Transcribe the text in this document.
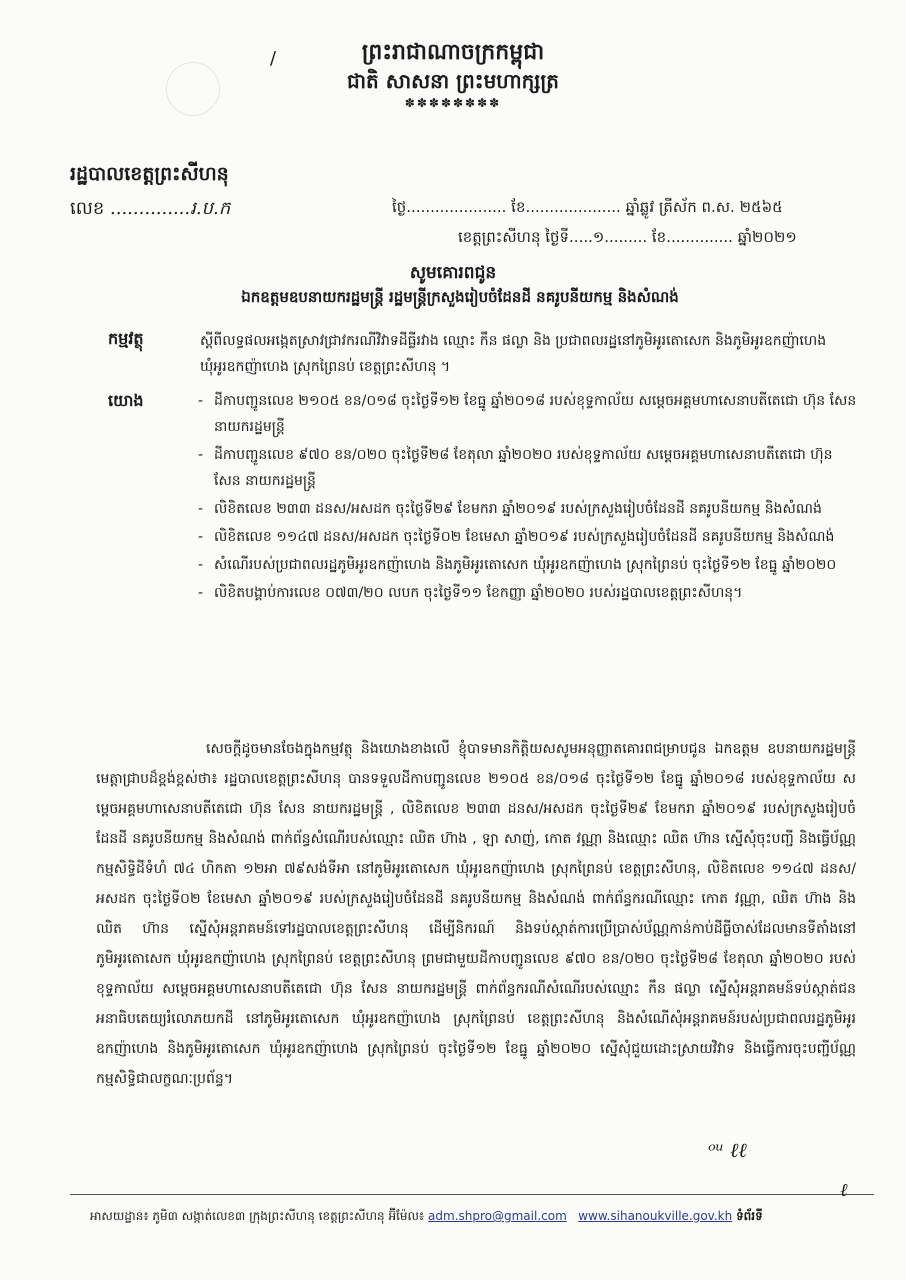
ព្រះរាជាណាចក្រកម្ពុជា
ជាតិ សាសនា ព្រះមហាក្សត្រ
✽✽✽✽✽✽✽✽
/
រដ្ឋបាលខេត្តព្រះសីហនុ
លេខ ..............រ.ប.ក	ថ្ងៃ..................... ខែ.................... ឆ្នាំឆ្លូវ ត្រីស័ក ព.ស. ២៥៦៥
ខេត្តព្រះសីហនុ ថ្ងៃទី.....១......... ខែ.............. ឆ្នាំ២០២១
សូមគោរពជូន
ឯកឧត្តមឧបនាយករដ្ឋមន្ត្រី រដ្ឋមន្ត្រីក្រសួងរៀបចំដែនដី នគរូបនីយកម្ម និងសំណង់
កម្មវត្ថុ	ស្តីពីលទ្ធផលអង្កេតស្រាវជ្រាវករណីវិវាទដីធ្លីរវាង ឈ្មោះ កឹន ផល្លា និង ប្រជាពលរដ្ឋនៅភូមិអូរតោសេក និងភូមិអូរឧកញ៉ាហេង ឃុំអូរឧកញ៉ាហេង ស្រុកព្រៃនប់ ខេត្តព្រះសីហនុ ។
យោង
-	ដីកាបញ្ជូនលេខ ២១០៥ ខន/០១៨ ចុះថ្ងៃទី១២ ខែធ្នូ ឆ្នាំ២០១៨ របស់ខុទ្ទកាល័យ សម្តេចអគ្គមហាសេនាបតីតេជោ ហ៊ុន សែន នាយករដ្ឋមន្ត្រី
- ដីកាបញ្ជូនលេខ ៩៧០ ខន/០២០ ចុះថ្ងៃទី២៨ ខែតុលា ឆ្នាំ២០២០ របស់ខុទ្ទកាល័យ សម្តេចអគ្គមហាសេនាបតីតេជោ ហ៊ុន សែន នាយករដ្ឋមន្ត្រី
- លិខិតលេខ ២៣៣ ដនស/អសដក ចុះថ្ងៃទី២៩ ខែមករា ឆ្នាំ២០១៩ របស់ក្រសួងរៀបចំដែនដី នគរូបនីយកម្ម និងសំណង់
- លិខិតលេខ ១១៤៧ ដនស/អសដក ចុះថ្ងៃទី០២ ខែមេសា ឆ្នាំ២០១៩ របស់ក្រសួងរៀបចំដែនដី នគរូបនីយកម្ម និងសំណង់
- សំណើរបស់ប្រជាពលរដ្ឋភូមិអូរឧកញ៉ាហេង និងភូមិអូរតោសេក ឃុំអូរឧកញ៉ាហេង ស្រុកព្រៃនប់ ចុះថ្ងៃទី១២ ខែធ្នូ ឆ្នាំ២០២០
- លិខិតបង្គាប់ការលេខ ០៧៣/២០ លបក ចុះថ្ងៃទី១១ ខែកញ្ញា ឆ្នាំ២០២០ របស់រដ្ឋបាលខេត្តព្រះសីហនុ។
សេចក្តីដូចមានចែងក្នុងកម្មវត្ថុ និងយោងខាងលើ ខ្ញុំបាទមានកិត្តិយសសូមអនុញ្ញាតគោរពជម្រាបជូន ឯកឧត្តម ឧបនាយករដ្ឋមន្ត្រី មេត្តាជ្រាបដ៏ខ្ពង់ខ្ពស់ថា៖ រដ្ឋបាលខេត្តព្រះសីហនុ បានទទួលដីកាបញ្ជូនលេខ ២១០៥ ខន/០១៨ ចុះថ្ងៃទី១២ ខែធ្នូ ឆ្នាំ២០១៨ របស់ខុទ្ទកាល័យ សម្តេចអគ្គមហាសេនាបតីតេជោ ហ៊ុន សែន នាយករដ្ឋមន្ត្រី , លិខិតលេខ ២៣៣ ដនស/អសដក ចុះថ្ងៃទី២៩ ខែមករា ឆ្នាំ២០១៩ របស់ក្រសួងរៀបចំដែនដី នគរូបនីយកម្ម និងសំណង់ ពាក់ព័ន្ធសំណើរបស់ឈ្មោះ ឈិត ហ៊ាង , ឡា សាញ់, កោត វណ្ណា និងឈ្មោះ ឈិត ហ៊ាន ស្នើសុំចុះបញ្ជី និងធ្វើប័ណ្ណកម្មសិទ្ធិដីទំហំ ៧៤ ហិកតា ១២អា ៧៩សង់ទីអា នៅភូមិអូរតោសេក ឃុំអូរឧកញ៉ាហេង ស្រុកព្រៃនប់ ខេត្តព្រះសីហនុ, លិខិតលេខ ១១៤៧ ដនស/អសដក ចុះថ្ងៃទី០២ ខែមេសា ឆ្នាំ២០១៩ របស់ក្រសួងរៀបចំដែនដី នគរូបនីយកម្ម និងសំណង់ ពាក់ព័ន្ធករណីឈ្មោះ កោត វណ្ណា, ឈិត ហ៊ាង និង ឈិត ហ៊ាន ស្នើសុំអន្តរាគមន៍ទៅរដ្ឋបាលខេត្តព្រះសីហនុ ដើម្បីនិករណ៍ និងទប់ស្កាត់ការប្រើប្រាស់ប័ណ្ណកាន់កាប់ដីធ្លីចាស់ដែលមានទីតាំងនៅភូមិអូរតោសេក ឃុំអូរឧកញ៉ាហេង ស្រុកព្រៃនប់ ខេត្តព្រះសីហនុ ព្រមជាមួយដីកាបញ្ជូនលេខ ៩៧០ ខន/០២០ ចុះថ្ងៃទី២៨ ខែតុលា ឆ្នាំ២០២០ របស់ខុទ្ទកាល័យ សម្តេចអគ្គមហាសេនាបតីតេជោ ហ៊ុន សែន នាយករដ្ឋមន្ត្រី ពាក់ព័ន្ធករណីសំណើរបស់ឈ្មោះ កឹន ផល្លា ស្នើសុំអន្តរាគមន៍ទប់ស្កាត់ជនអនាធិបតេយ្យរំលោភយកដី នៅភូមិអូរតោសេក ឃុំអូរឧកញ៉ាហេង ស្រុកព្រៃនប់ ខេត្តព្រះសីហនុ និងសំណើសុំអន្តរាគមន៍របស់ប្រជាពលរដ្ឋភូមិអូរឧកញ៉ាហេង និងភូមិអូរតោសេក ឃុំអូរឧកញ៉ាហេង ស្រុកព្រៃនប់ ចុះថ្ងៃទី១២ ខែធ្នូ ឆ្នាំ២០២០ ស្នើសុំជួយដោះស្រាយវិវាទ និងធ្វើការចុះបញ្ជីប័ណ្ណកម្មសិទ្ធិជាលក្ខណៈប្រព័ន្ធ។
ᵒᵘ ℓℓ
អាសយដ្ឋាន៖ ភូមិ៣ សង្កាត់លេខ៣ ក្រុងព្រះសីហនុ ខេត្តព្រះសីហនុ អ៊ីម៉ែល៖ adm.shpro@gmail.com www.sihanoukville.gov.kh ទំព័រទី
ℓ
